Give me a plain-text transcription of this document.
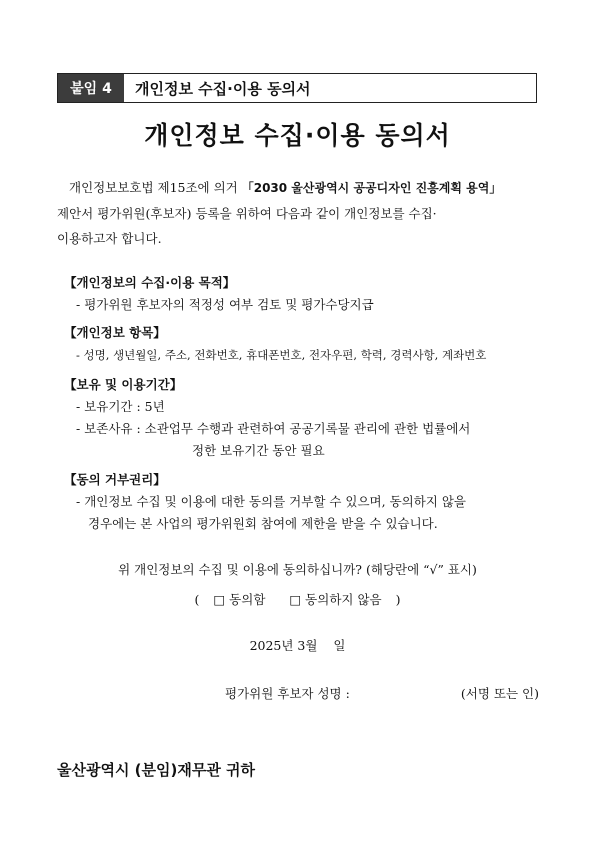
붙임 4	개인정보 수집·이용 동의서
개인정보 수집·이용 동의서
개인정보보호법 제15조에 의거 「2030 울산광역시 공공디자인 진흥계획 용역」
제안서 평가위원(후보자) 등록을 위하여 다음과 같이 개인정보를 수집·
이용하고자 합니다.
【개인정보의 수집·이용 목적】
- 평가위원 후보자의 적정성 여부 검토 및 평가수당지급
【개인정보 항목】
- 성명, 생년월일, 주소, 전화번호, 휴대폰번호, 전자우편, 학력, 경력사항, 계좌번호
【보유 및 이용기간】
- 보유기간 : 5년
- 보존사유 : 소관업무 수행과 관련하여 공공기록물 관리에 관한 법률에서
정한 보유기간 동안 필요
【동의 거부권리】
- 개인정보 수집 및 이용에 대한 동의를 거부할 수 있으며, 동의하지 않을
경우에는 본 사업의 평가위원회 참여에 제한을 받을 수 있습니다.
위 개인정보의 수집 및 이용에 동의하십니까? (해당란에 “√” 표시)
( □ 동의함 □ 동의하지 않음 )
2025년 3월    일
평가위원 후보자 성명 :	(서명 또는 인)
울산광역시 (분임)재무관 귀하
